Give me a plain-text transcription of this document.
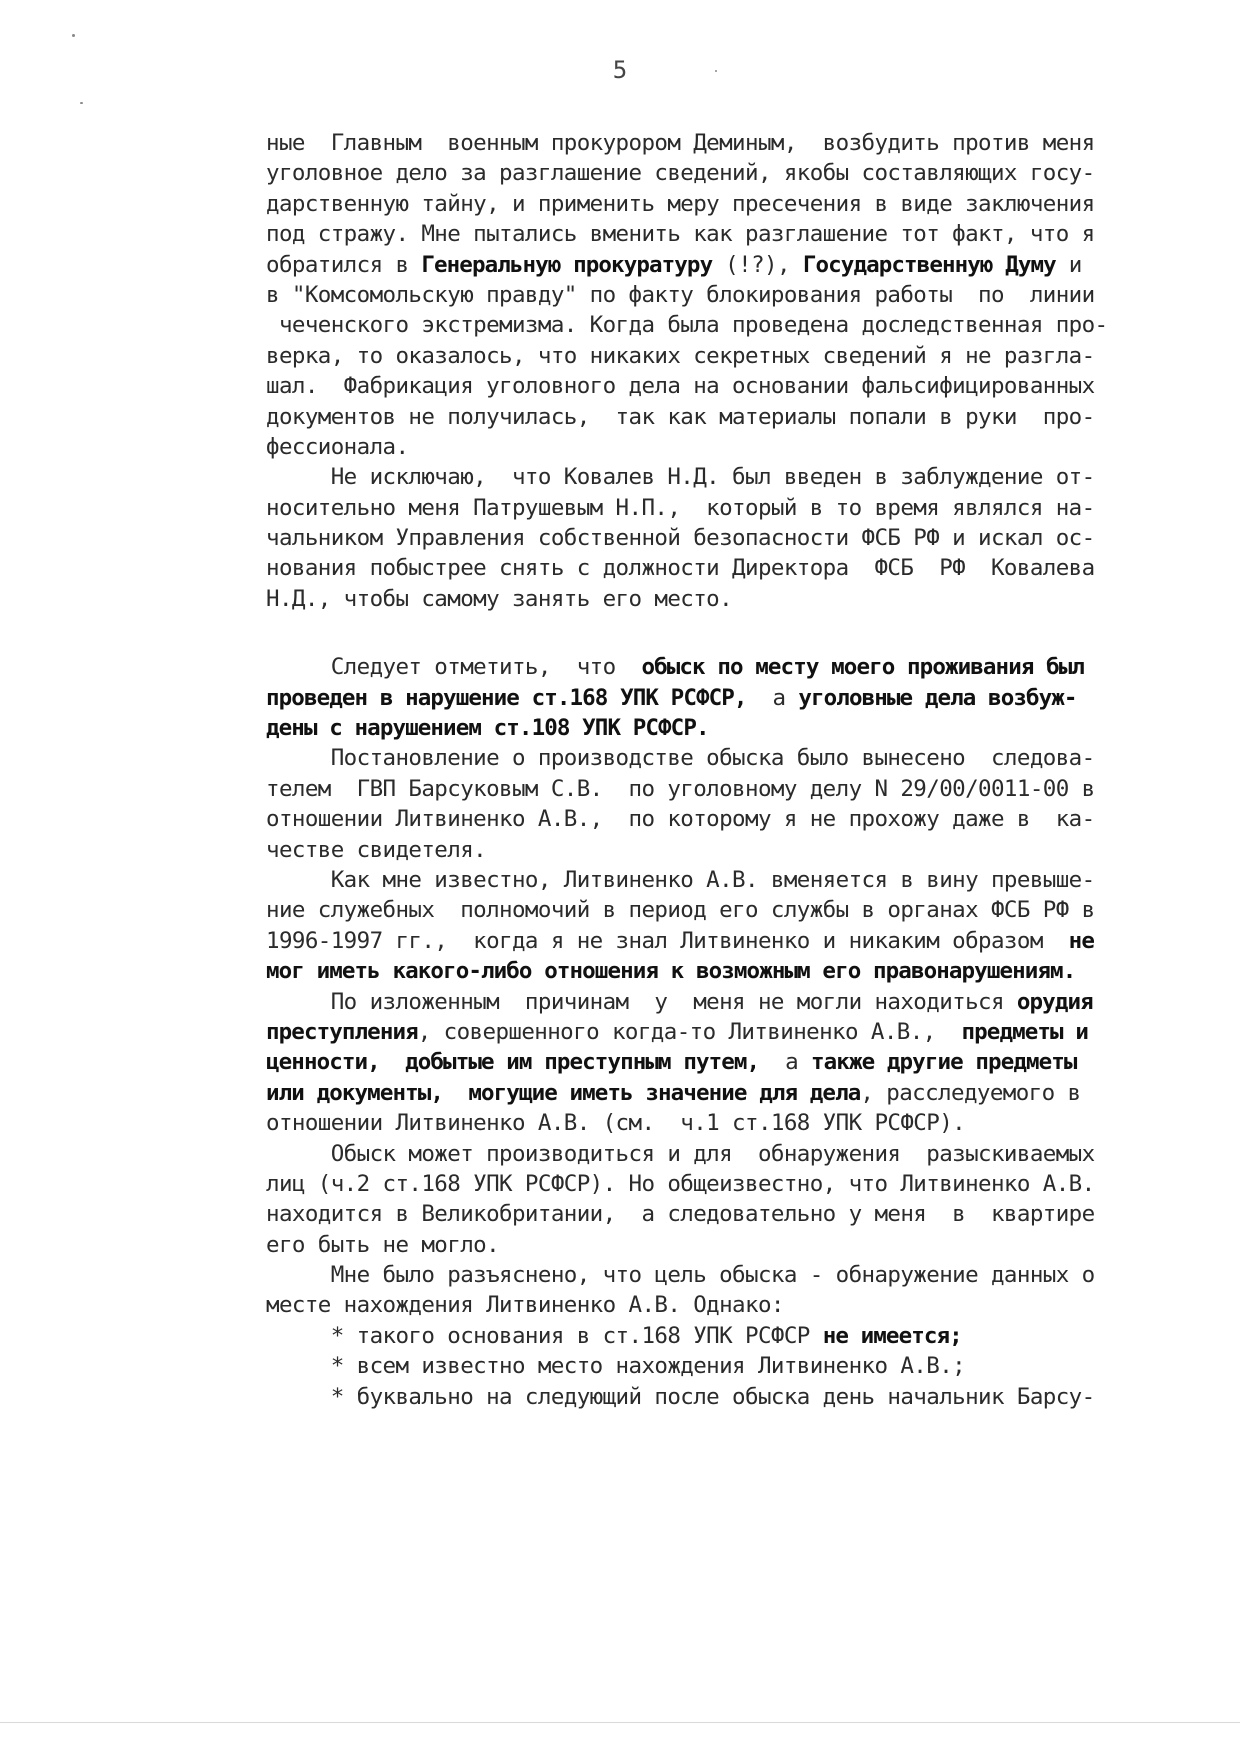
5
ные  Главным  военным прокурором Деминым,  возбудить против меня
уголовное дело за разглашение сведений, якобы составляющих госу-
дарственную тайну, и применить меру пресечения в виде заключения
под стражу. Мне пытались вменить как разглашение тот факт, что я
обратился в Генеральную прокуратуру (!?), Государственную Думу и
в "Комсомольскую правду" по факту блокирования работы  по  линии
чеченского экстремизма. Когда была проведена доследственная про-
верка, то оказалось, что никаких секретных сведений я не разгла-
шал.  Фабрикация уголовного дела на основании фальсифицированных
документов не получилась,  так как материалы попали в руки  про-
фессионала.
Не исключаю,  что Ковалев Н.Д. был введен в заблуждение от-
носительно меня Патрушевым Н.П.,  который в то время являлся на-
чальником Управления собственной безопасности ФСБ РФ и искал ос-
нования побыстрее снять с должности Директора  ФСБ  РФ  Ковалева
Н.Д., чтобы самому занять его место.
Следует отметить,  что  обыск по месту моего проживания был
проведен в нарушение ст.168 УПК РСФСР,  а уголовные дела возбуж-
дены с нарушением ст.108 УПК РСФСР.
Постановление о производстве обыска было вынесено  следова-
телем  ГВП Барсуковым С.В.  по уголовному делу N 29/00/0011-00 в
отношении Литвиненко А.В.,  по которому я не прохожу даже в  ка-
честве свидетеля.
Как мне известно, Литвиненко А.В. вменяется в вину превыше-
ние служебных  полномочий в период его службы в органах ФСБ РФ в
1996-1997 гг.,  когда я не знал Литвиненко и никаким образом  не
мог иметь какого-либо отношения к возможным его правонарушениям.
По изложенным  причинам  у  меня не могли находиться орудия
преступления, совершенного когда-то Литвиненко А.В.,  предметы и
ценности,  добытые им преступным путем,  а также другие предметы
или документы,  могущие иметь значение для дела, расследуемого в
отношении Литвиненко А.В. (см.  ч.1 ст.168 УПК РСФСР).
Обыск может производиться и для  обнаружения  разыскиваемых
лиц (ч.2 ст.168 УПК РСФСР). Но общеизвестно, что Литвиненко А.В.
находится в Великобритании,  а следовательно у меня  в  квартире
его быть не могло.
Мне было разъяснено, что цель обыска - обнаружение данных о
месте нахождения Литвиненко А.В. Однако:
* такого основания в ст.168 УПК РСФСР не имеется;
* всем известно место нахождения Литвиненко А.В.;
* буквально на следующий после обыска день начальник Барсу-
